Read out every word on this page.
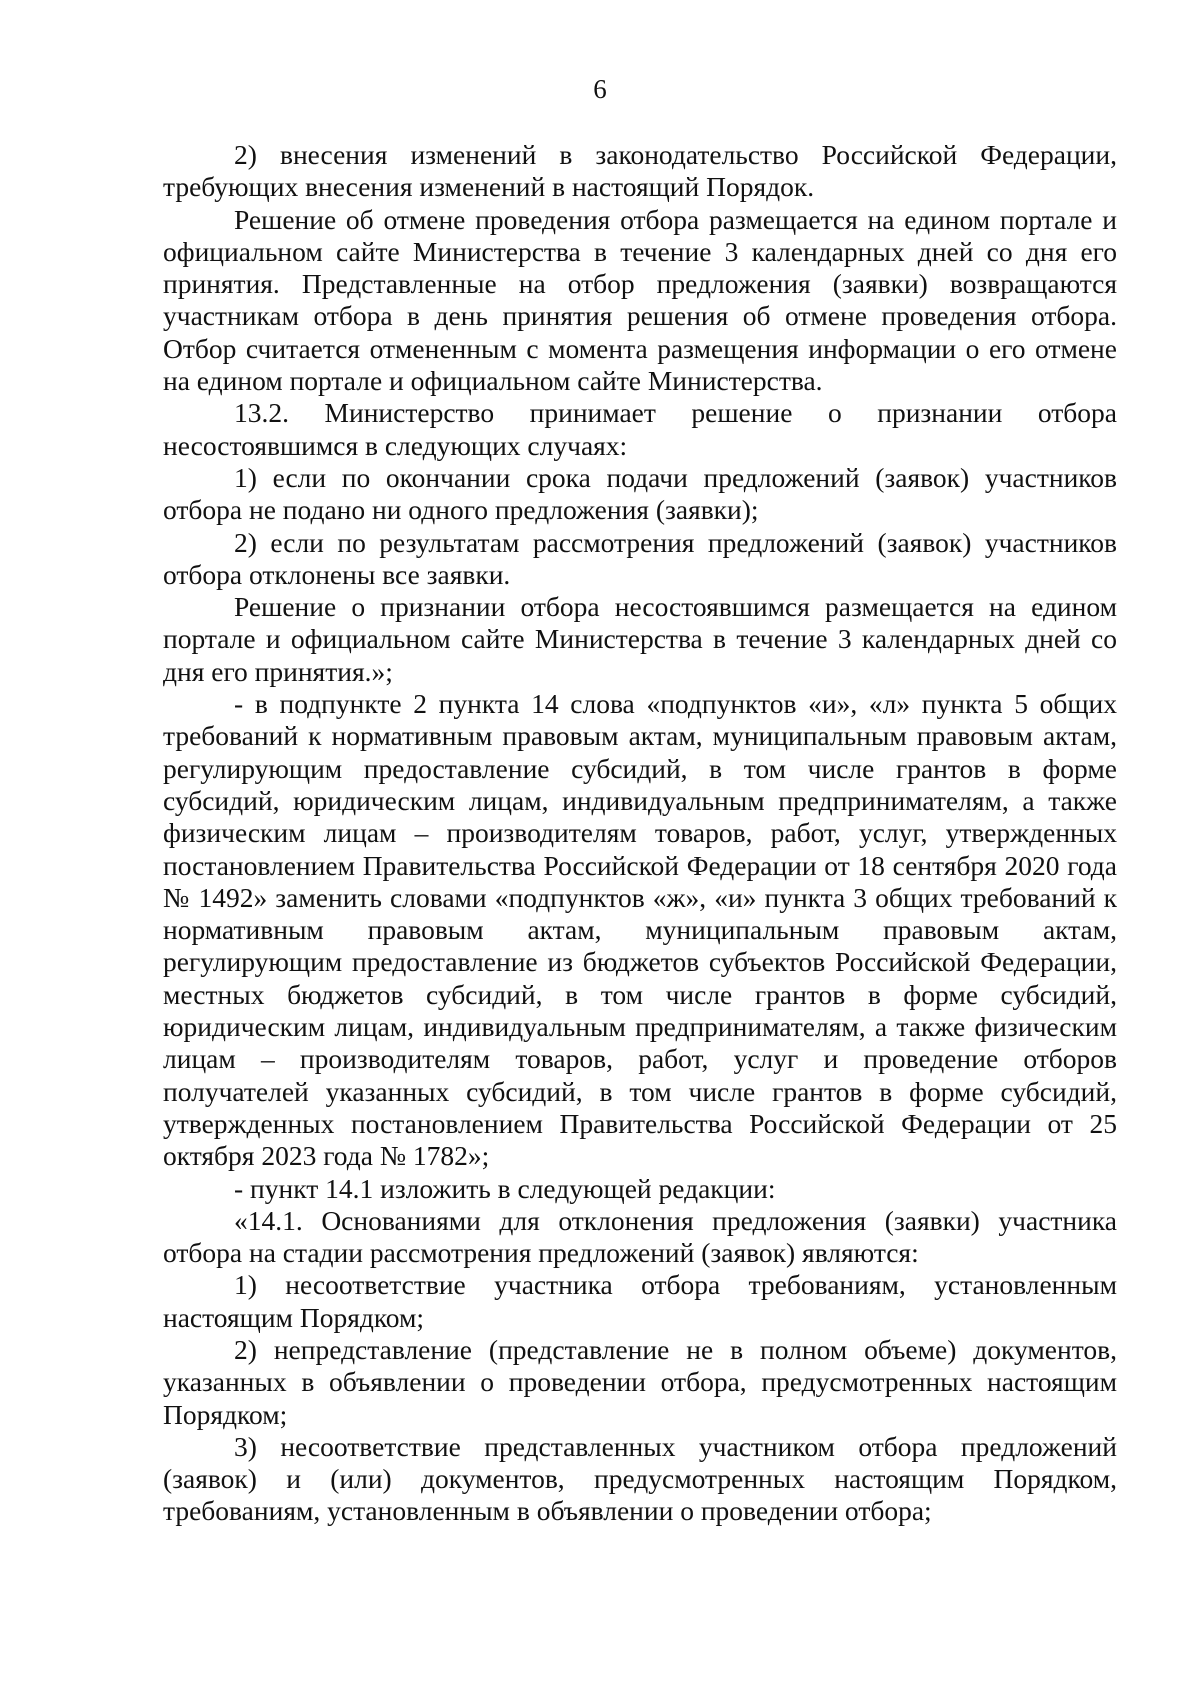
6

2) внесения изменений в законодательство Российской Федерации, требующих внесения изменений в настоящий Порядок.

Решение об отмене проведения отбора размещается на едином портале и официальном сайте Министерства в течение 3 календарных дней со дня его принятия. Представленные на отбор предложения (заявки) возвращаются участникам отбора в день принятия решения об отмене проведения отбора. Отбор считается отмененным с момента размещения информации о его отмене на едином портале и официальном сайте Министерства.

13.2. Министерство принимает решение о признании отбора несостоявшимся в следующих случаях:

1) если по окончании срока подачи предложений (заявок) участников отбора не подано ни одного предложения (заявки);

2) если по результатам рассмотрения предложений (заявок) участников отбора отклонены все заявки.

Решение о признании отбора несостоявшимся размещается на едином портале и официальном сайте Министерства в течение 3 календарных дней со дня его принятия.»;

- в подпункте 2 пункта 14 слова «подпунктов «и», «л» пункта 5 общих требований к нормативным правовым актам, муниципальным правовым актам, регулирующим предоставление субсидий, в том числе грантов в форме субсидий, юридическим лицам, индивидуальным предпринимателям, а также физическим лицам – производителям товаров, работ, услуг, утвержденных постановлением Правительства Российской Федерации от 18 сентября 2020 года № 1492» заменить словами «подпунктов «ж», «и» пункта 3 общих требований к нормативным правовым актам, муниципальным правовым актам, регулирующим предоставление из бюджетов субъектов Российской Федерации, местных бюджетов субсидий, в том числе грантов в форме субсидий, юридическим лицам, индивидуальным предпринимателям, а также физическим лицам – производителям товаров, работ, услуг и проведение отборов получателей указанных субсидий, в том числе грантов в форме субсидий, утвержденных постановлением Правительства Российской Федерации от 25 октября 2023 года № 1782»;

- пункт 14.1 изложить в следующей редакции:

«14.1. Основаниями для отклонения предложения (заявки) участника отбора на стадии рассмотрения предложений (заявок) являются:

1) несоответствие участника отбора требованиям, установленным настоящим Порядком;

2) непредставление (представление не в полном объеме) документов, указанных в объявлении о проведении отбора, предусмотренных настоящим Порядком;

3) несоответствие представленных участником отбора предложений (заявок) и (или) документов, предусмотренных настоящим Порядком, требованиям, установленным в объявлении о проведении отбора;
